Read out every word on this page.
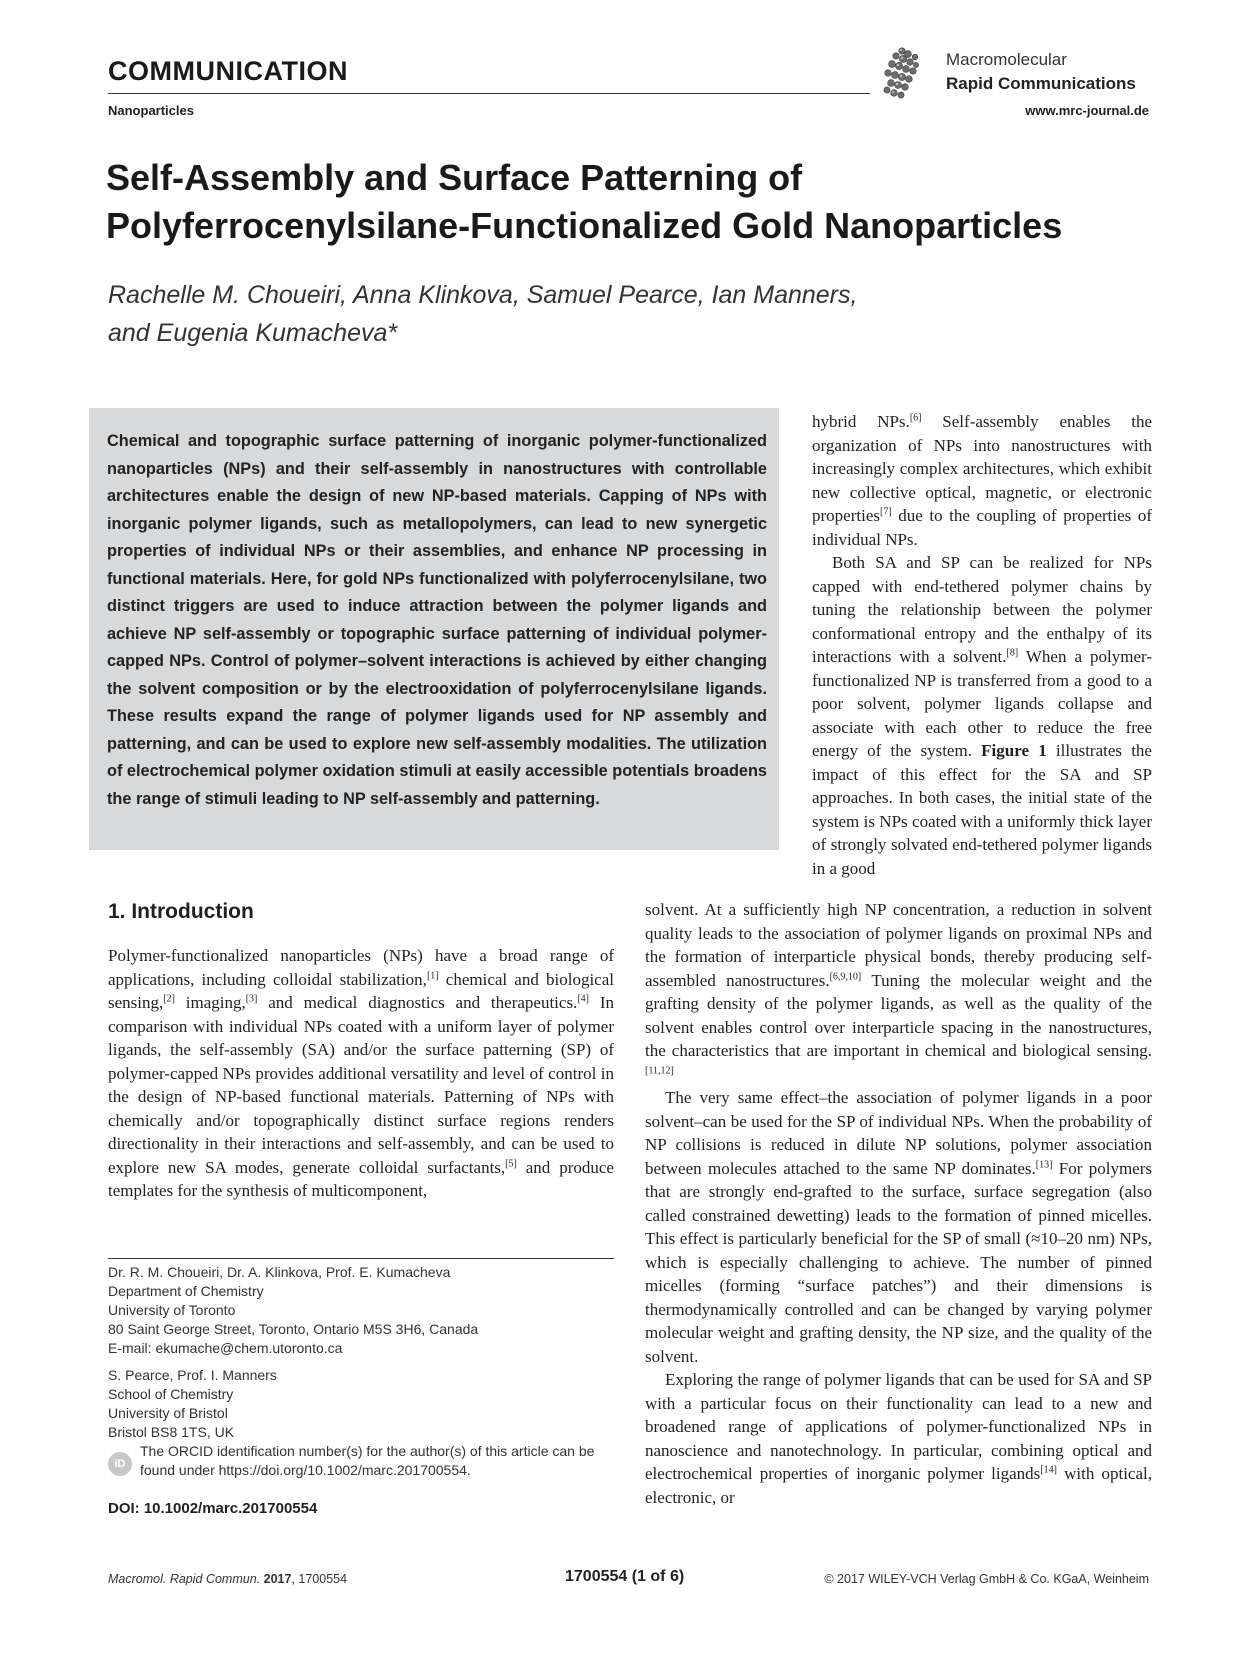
COMMUNICATION
Nanoparticles
Macromolecular
Rapid Communications
www.mrc-journal.de
Self-Assembly and Surface Patterning of Polyferrocenylsilane-Functionalized Gold Nanoparticles
Rachelle M. Choueiri, Anna Klinkova, Samuel Pearce, Ian Manners,
and Eugenia Kumacheva*

Chemical and topographic surface patterning of inorganic polymer-functionalized nanoparticles (NPs) and their self-assembly in nanostructures with controllable architectures enable the design of new NP-based materials. Capping of NPs with inorganic polymer ligands, such as metallopolymers, can lead to new synergetic properties of individual NPs or their assemblies, and enhance NP processing in functional materials. Here, for gold NPs functionalized with polyferrocenylsilane, two distinct triggers are used to induce attraction between the polymer ligands and achieve NP self-assembly or topographic surface patterning of individual polymer-capped NPs. Control of polymer–solvent interactions is achieved by either changing the solvent composition or by the electrooxidation of polyferrocenylsilane ligands. These results expand the range of polymer ligands used for NP assembly and patterning, and can be used to explore new self-assembly modalities. The utilization of electrochemical polymer oxidation stimuli at easily accessible potentials broadens the range of stimuli leading to NP self-assembly and patterning.

hybrid NPs.[6] Self-assembly enables the organization of NPs into nanostructures with increasingly complex architectures, which exhibit new collective optical, magnetic, or electronic properties[7] due to the coupling of properties of individual NPs.

Both SA and SP can be realized for NPs capped with end-tethered polymer chains by tuning the relationship between the polymer conformational entropy and the enthalpy of its interactions with a solvent.[8] When a polymer-functionalized NP is transferred from a good to a poor solvent, polymer ligands collapse and associate with each other to reduce the free energy of the system. Figure 1 illustrates the impact of this effect for the SA and SP approaches. In both cases, the initial state of the system is NPs coated with a uniformly thick layer of strongly solvated end-tethered polymer ligands in a good

1. Introduction

Polymer-functionalized nanoparticles (NPs) have a broad range of applications, including colloidal stabilization,[1] chemical and biological sensing,[2] imaging,[3] and medical diagnostics and therapeutics.[4] In comparison with individual NPs coated with a uniform layer of polymer ligands, the self-assembly (SA) and/or the surface patterning (SP) of polymer-capped NPs provides additional versatility and level of control in the design of NP-based functional materials. Patterning of NPs with chemically and/or topographically distinct surface regions renders directionality in their interactions and self-assembly, and can be used to explore new SA modes, generate colloidal surfactants,[5] and produce templates for the synthesis of multicomponent,

solvent. At a sufficiently high NP concentration, a reduction in solvent quality leads to the association of polymer ligands on proximal NPs and the formation of interparticle physical bonds, thereby producing self-assembled nanostructures.[6,9,10] Tuning the molecular weight and the grafting density of the polymer ligands, as well as the quality of the solvent enables control over interparticle spacing in the nanostructures, the characteristics that are important in chemical and biological sensing.[11,12]

The very same effect–the association of polymer ligands in a poor solvent–can be used for the SP of individual NPs. When the probability of NP collisions is reduced in dilute NP solutions, polymer association between molecules attached to the same NP dominates.[13] For polymers that are strongly end-grafted to the surface, surface segregation (also called constrained dewetting) leads to the formation of pinned micelles. This effect is particularly beneficial for the SP of small (≈10–20 nm) NPs, which is especially challenging to achieve. The number of pinned micelles (forming “surface patches”) and their dimensions is thermodynamically controlled and can be changed by varying polymer molecular weight and grafting density, the NP size, and the quality of the solvent.

Exploring the range of polymer ligands that can be used for SA and SP with a particular focus on their functionality can lead to a new and broadened range of applications of polymer-functionalized NPs in nanoscience and nanotechnology. In particular, combining optical and electrochemical properties of inorganic polymer ligands[14] with optical, electronic, or

Dr. R. M. Choueiri, Dr. A. Klinkova, Prof. E. Kumacheva
Department of Chemistry
University of Toronto
80 Saint George Street, Toronto, Ontario M5S 3H6, Canada
E-mail: ekumache@chem.utoronto.ca
S. Pearce, Prof. I. Manners
School of Chemistry
University of Bristol
Bristol BS8 1TS, UK
iD
The ORCID identification number(s) for the author(s) of this article can be found under https://doi.org/10.1002/marc.201700554.
DOI: 10.1002/marc.201700554
Macromol. Rapid Commun. 2017, 1700554	1700554 (1 of 6)	© 2017 WILEY-VCH Verlag GmbH & Co. KGaA, Weinheim
